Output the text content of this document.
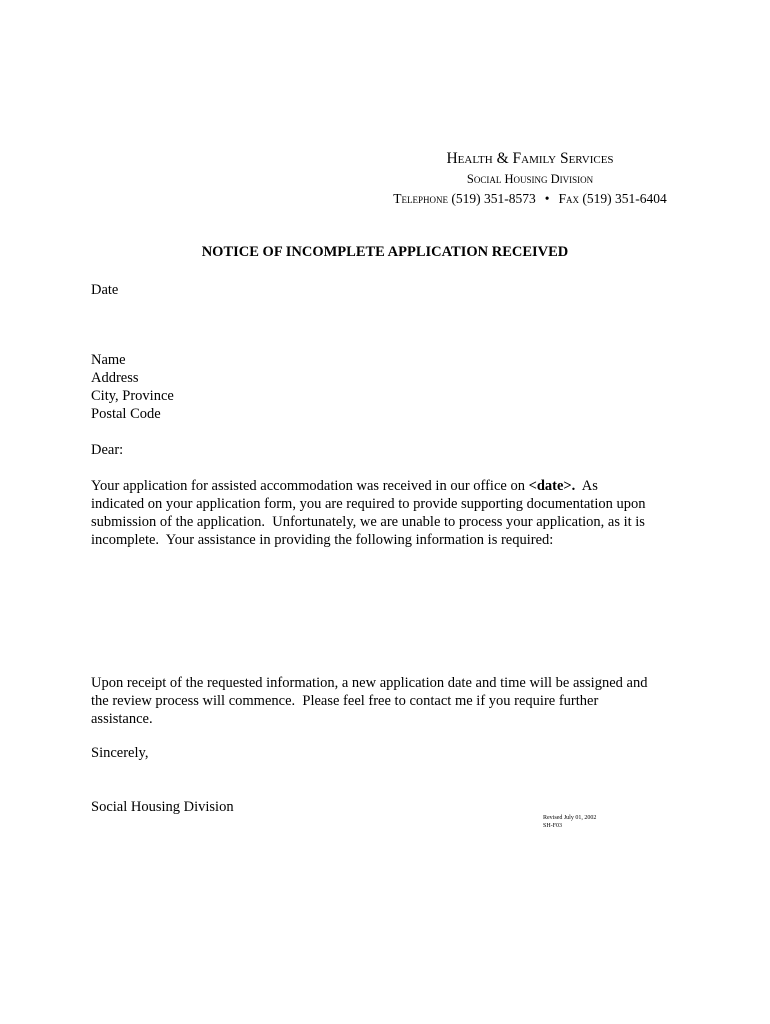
Health & Family Services
Social Housing Division
Telephone (519) 351-8573 • Fax (519) 351-6404
NOTICE OF INCOMPLETE APPLICATION RECEIVED
Date
Name
Address
City, Province
Postal Code
Dear:
Your application for assisted accommodation was received in our office on <date>.  As
indicated on your application form, you are required to provide supporting documentation upon
submission of the application.  Unfortunately, we are unable to process your application, as it is
incomplete.  Your assistance in providing the following information is required:
Upon receipt of the requested information, a new application date and time will be assigned and
the review process will commence.  Please feel free to contact me if you require further
assistance.
Sincerely,
Social Housing Division
Revised July 01, 2002
SH-F03
